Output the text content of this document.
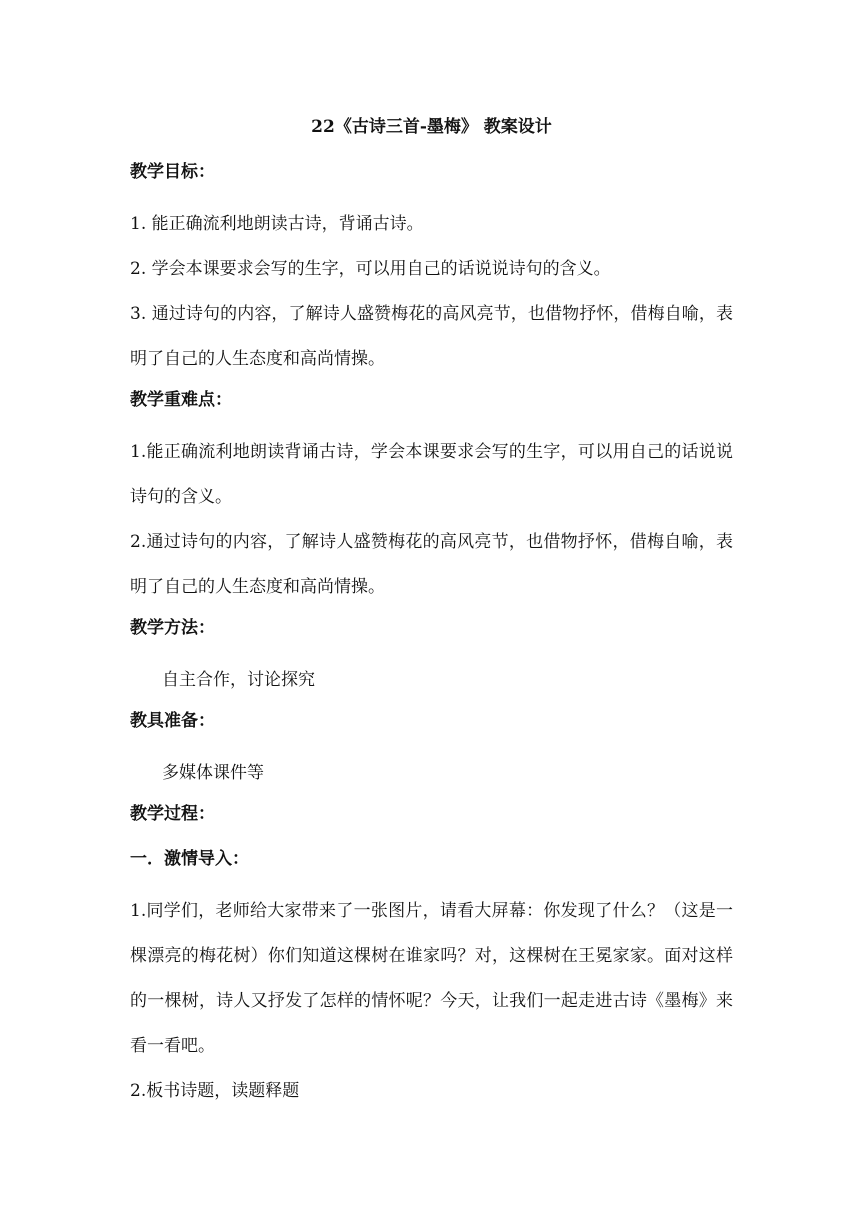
22《古诗三首-墨梅》 教案设计
教学目标：
1. 能正确流利地朗读古诗，背诵古诗。
2. 学会本课要求会写的生字，可以用自己的话说说诗句的含义。
3. 通过诗句的内容，了解诗人盛赞梅花的高风亮节，也借物抒怀，借梅自喻，表明了自己的人生态度和高尚情操。
教学重难点：
1.能正确流利地朗读背诵古诗，学会本课要求会写的生字，可以用自己的话说说诗句的含义。
2.通过诗句的内容，了解诗人盛赞梅花的高风亮节，也借物抒怀，借梅自喻，表明了自己的人生态度和高尚情操。
教学方法：
自主合作，讨论探究
教具准备：
多媒体课件等
教学过程：
一．激情导入：
1.同学们，老师给大家带来了一张图片，请看大屏幕：你发现了什么？（这是一棵漂亮的梅花树）你们知道这棵树在谁家吗？对，这棵树在王冕家家。面对这样的一棵树，诗人又抒发了怎样的情怀呢？今天，让我们一起走进古诗《墨梅》来看一看吧。
2.板书诗题，读题释题
